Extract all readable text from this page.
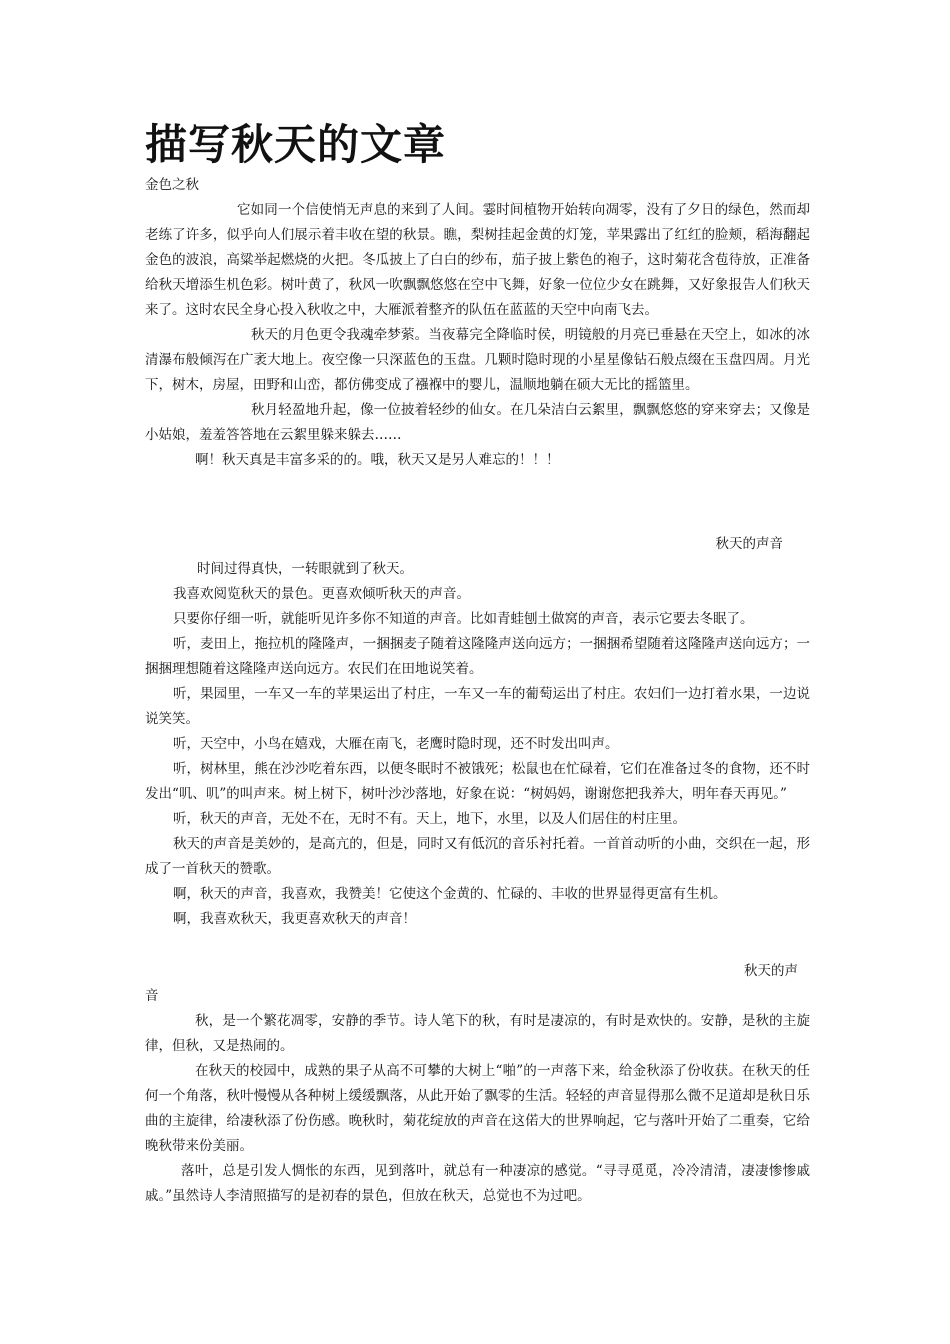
描写秋天的文章

金色之秋

它如同一个信使悄无声息的来到了人间。霎时间植物开始转向凋零，没有了夕日的绿色，然而却老练了许多，似乎向人们展示着丰收在望的秋景。瞧，梨树挂起金黄的灯笼，苹果露出了红红的脸颊，稻海翻起金色的波浪，高粱举起燃烧的火把。冬瓜披上了白白的纱布，茄子披上紫色的袍子，这时菊花含苞待放，正准备给秋天增添生机色彩。树叶黄了，秋风一吹飘飘悠悠在空中飞舞，好象一位位少女在跳舞，又好象报告人们秋天来了。这时农民全身心投入秋收之中，大雁派着整齐的队伍在蓝蓝的天空中向南飞去。

秋天的月色更令我魂牵梦萦。当夜幕完全降临时侯，明镜般的月亮已垂悬在天空上，如冰的冰清瀑布般倾泻在广袤大地上。夜空像一只深蓝色的玉盘。几颗时隐时现的小星星像钻石般点缀在玉盘四周。月光下，树木，房屋，田野和山峦，都仿佛变成了襁褓中的婴儿，温顺地躺在硕大无比的摇篮里。

秋月轻盈地升起，像一位披着轻纱的仙女。在几朵洁白云絮里，飘飘悠悠的穿来穿去；又像是小姑娘，羞羞答答地在云絮里躲来躲去……

啊！秋天真是丰富多采的的。哦，秋天又是另人难忘的！！！

秋天的声音

时间过得真快，一转眼就到了秋天。

我喜欢阅览秋天的景色。更喜欢倾听秋天的声音。

只要你仔细一听，就能听见许多你不知道的声音。比如青蛙刨土做窝的声音，表示它要去冬眠了。

听，麦田上，拖拉机的隆隆声，一捆捆麦子随着这隆隆声送向远方；一捆捆希望随着这隆隆声送向远方；一捆捆理想随着这隆隆声送向远方。农民们在田地说笑着。

听，果园里，一车又一车的苹果运出了村庄，一车又一车的葡萄运出了村庄。农妇们一边打着水果，一边说说笑笑。

听，天空中，小鸟在嬉戏，大雁在南飞，老鹰时隐时现，还不时发出叫声。

听，树林里，熊在沙沙吃着东西，以便冬眠时不被饿死；松鼠也在忙碌着，它们在准备过冬的食物，还不时发出“叽、叽”的叫声来。树上树下，树叶沙沙落地，好象在说：“树妈妈，谢谢您把我养大，明年春天再见。”

听，秋天的声音，无处不在，无时不有。天上，地下，水里，以及人们居住的村庄里。

秋天的声音是美妙的，是高亢的，但是，同时又有低沉的音乐衬托着。一首首动听的小曲，交织在一起，形成了一首秋天的赞歌。

啊，秋天的声音，我喜欢，我赞美！它使这个金黄的、忙碌的、丰收的世界显得更富有生机。

啊，我喜欢秋天，我更喜欢秋天的声音！

秋天的声

音

秋，是一个繁花凋零，安静的季节。诗人笔下的秋，有时是凄凉的，有时是欢快的。安静，是秋的主旋律，但秋，又是热闹的。

在秋天的校园中，成熟的果子从高不可攀的大树上“啪”的一声落下来，给金秋添了份收获。在秋天的任何一个角落，秋叶慢慢从各种树上缓缓飘落，从此开始了飘零的生活。轻轻的声音显得那么微不足道却是秋日乐曲的主旋律，给凄秋添了份伤感。晚秋时，菊花绽放的声音在这偌大的世界响起，它与落叶开始了二重奏，它给晚秋带来份美丽。

落叶，总是引发人惆怅的东西，见到落叶，就总有一种凄凉的感觉。“寻寻觅觅，冷冷清清，凄凄惨惨戚戚。”虽然诗人李清照描写的是初春的景色，但放在秋天，总觉也不为过吧。
